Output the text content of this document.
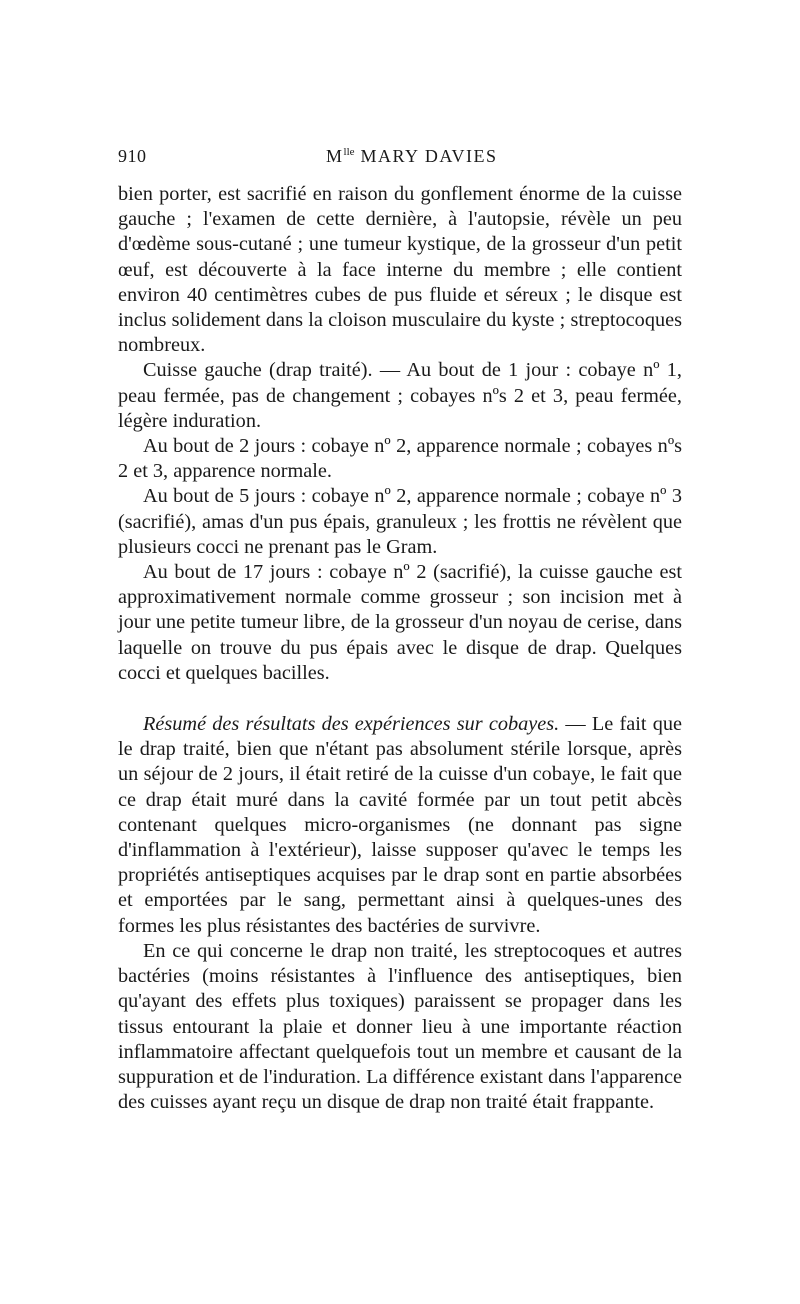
910	$M^{lle}$ MARY DAVIES

bien porter, est sacrifié en raison du gonflement énorme de la cuisse gauche ; l'examen de cette dernière, à l'autopsie, révèle un peu d'œdème sous-cutané ; une tumeur kystique, de la grosseur d'un petit œuf, est découverte à la face interne du membre ; elle contient environ 40 centimètres cubes de pus fluide et séreux ; le disque est inclus solidement dans la cloison musculaire du kyste ; streptocoques nombreux.

Cuisse gauche (drap traité). — Au bout de 1 jour : cobaye nº 1, peau fermée, pas de changement ; cobayes nºs 2 et 3, peau fermée, légère induration.

Au bout de 2 jours : cobaye nº 2, apparence normale ; cobayes nºs 2 et 3, apparence normale.

Au bout de 5 jours : cobaye nº 2, apparence normale ; cobaye nº 3 (sacrifié), amas d'un pus épais, granuleux ; les frottis ne révèlent que plusieurs cocci ne prenant pas le Gram.

Au bout de 17 jours : cobaye nº 2 (sacrifié), la cuisse gauche est approximativement normale comme grosseur ; son incision met à jour une petite tumeur libre, de la grosseur d'un noyau de cerise, dans laquelle on trouve du pus épais avec le disque de drap. Quelques cocci et quelques bacilles.

Résumé des résultats des expériences sur cobayes. — Le fait que le drap traité, bien que n'étant pas absolument stérile lorsque, après un séjour de 2 jours, il était retiré de la cuisse d'un cobaye, le fait que ce drap était muré dans la cavité formée par un tout petit abcès contenant quelques micro-organismes (ne donnant pas signe d'inflammation à l'extérieur), laisse supposer qu'avec le temps les propriétés antiseptiques acquises par le drap sont en partie absorbées et emportées par le sang, permettant ainsi à quelques-unes des formes les plus résistantes des bactéries de survivre.

En ce qui concerne le drap non traité, les streptocoques et autres bactéries (moins résistantes à l'influence des antiseptiques, bien qu'ayant des effets plus toxiques) paraissent se propager dans les tissus entourant la plaie et donner lieu à une importante réaction inflammatoire affectant quelquefois tout un membre et causant de la suppuration et de l'induration. La différence existant dans l'apparence des cuisses ayant reçu un disque de drap non traité était frappante.
